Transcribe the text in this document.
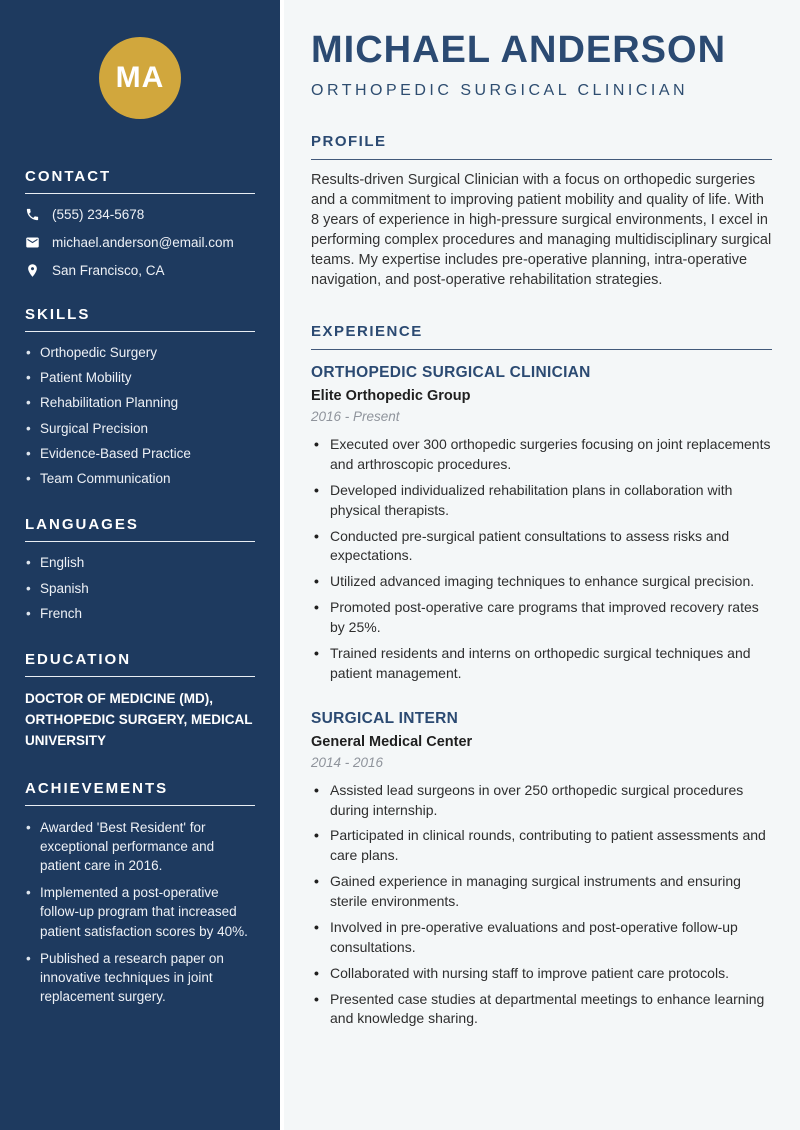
MA
CONTACT
(555) 234-5678
michael.anderson@email.com
San Francisco, CA
SKILLS
• Orthopedic Surgery
• Patient Mobility
• Rehabilitation Planning
• Surgical Precision
• Evidence-Based Practice
• Team Communication
LANGUAGES
• English
• Spanish
• French
EDUCATION

DOCTOR OF MEDICINE (MD), ORTHOPEDIC SURGERY, MEDICAL UNIVERSITY

ACHIEVEMENTS
• Awarded 'Best Resident' for exceptional performance and patient care in 2016.
• Implemented a post-operative follow-up program that increased patient satisfaction scores by 40%.
• Published a research paper on innovative techniques in joint replacement surgery.
MICHAEL ANDERSON
ORTHOPEDIC SURGICAL CLINICIAN
PROFILE

Results-driven Surgical Clinician with a focus on orthopedic surgeries and a commitment to improving patient mobility and quality of life. With 8 years of experience in high-pressure surgical environments, I excel in performing complex procedures and managing multidisciplinary surgical teams. My expertise includes pre-operative planning, intra-operative navigation, and post-operative rehabilitation strategies.

EXPERIENCE
ORTHOPEDIC SURGICAL CLINICIAN
Elite Orthopedic Group
2016 - Present
• Executed over 300 orthopedic surgeries focusing on joint replacements and arthroscopic procedures.
• Developed individualized rehabilitation plans in collaboration with physical therapists.
• Conducted pre-surgical patient consultations to assess risks and expectations.
• Utilized advanced imaging techniques to enhance surgical precision.
• Promoted post-operative care programs that improved recovery rates by 25%.
• Trained residents and interns on orthopedic surgical techniques and patient management.
SURGICAL INTERN
General Medical Center
2014 - 2016
• Assisted lead surgeons in over 250 orthopedic surgical procedures during internship.
• Participated in clinical rounds, contributing to patient assessments and care plans.
• Gained experience in managing surgical instruments and ensuring sterile environments.
• Involved in pre-operative evaluations and post-operative follow-up consultations.
• Collaborated with nursing staff to improve patient care protocols.
• Presented case studies at departmental meetings to enhance learning and knowledge sharing.
